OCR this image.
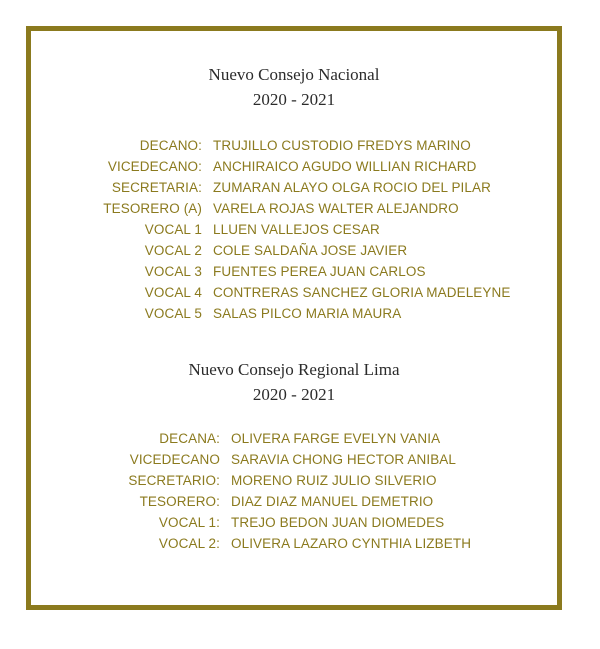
Nuevo Consejo Nacional
2020 - 2021
DECANO: TRUJILLO CUSTODIO FREDYS MARINO
VICEDECANO: ANCHIRAICO AGUDO WILLIAN RICHARD
SECRETARIA: ZUMARAN ALAYO OLGA ROCIO DEL PILAR
TESORERO (A) VARELA ROJAS WALTER ALEJANDRO
VOCAL 1 LLUEN VALLEJOS CESAR
VOCAL 2 COLE SALDAÑA JOSE JAVIER
VOCAL 3 FUENTES PEREA JUAN CARLOS
VOCAL 4 CONTRERAS SANCHEZ GLORIA MADELEYNE
VOCAL 5 SALAS PILCO MARIA MAURA
Nuevo Consejo Regional Lima
2020 - 2021
DECANA: OLIVERA FARGE EVELYN VANIA
VICEDECANO SARAVIA CHONG HECTOR ANIBAL
SECRETARIO: MORENO RUIZ JULIO SILVERIO
TESORERO: DIAZ DIAZ MANUEL DEMETRIO
VOCAL 1: TREJO BEDON JUAN DIOMEDES
VOCAL 2: OLIVERA LAZARO CYNTHIA LIZBETH
